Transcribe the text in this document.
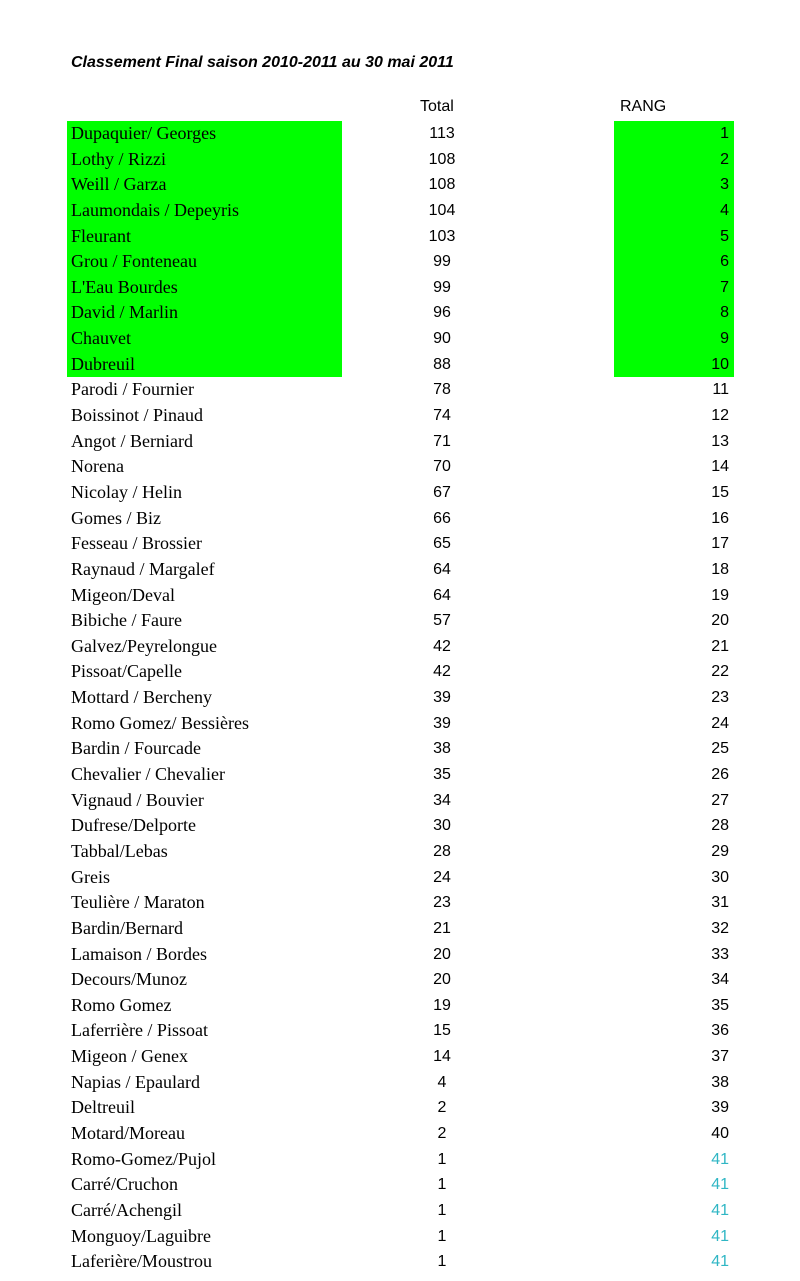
Classement Final saison 2010-2011 au 30 mai 2011
Total	RANG
Dupaquier/ Georges	113	1
Lothy / Rizzi	108	2
Weill / Garza	108	3
Laumondais / Depeyris	104	4
Fleurant	103	5
Grou / Fonteneau	99	6
L'Eau Bourdes	99	7
David / Marlin	96	8
Chauvet	90	9
Dubreuil	88	10
Parodi / Fournier	78	11
Boissinot / Pinaud	74	12
Angot / Berniard	71	13
Norena	70	14
Nicolay / Helin	67	15
Gomes / Biz	66	16
Fesseau / Brossier	65	17
Raynaud / Margalef	64	18
Migeon/Deval	64	19
Bibiche / Faure	57	20
Galvez/Peyrelongue	42	21
Pissoat/Capelle	42	22
Mottard / Bercheny	39	23
Romo Gomez/ Bessières	39	24
Bardin / Fourcade	38	25
Chevalier / Chevalier	35	26
Vignaud / Bouvier	34	27
Dufrese/Delporte	30	28
Tabbal/Lebas	28	29
Greis	24	30
Teulière / Maraton	23	31
Bardin/Bernard	21	32
Lamaison / Bordes	20	33
Decours/Munoz	20	34
Romo Gomez	19	35
Laferrière / Pissoat	15	36
Migeon / Genex	14	37
Napias / Epaulard	4	38
Deltreuil	2	39
Motard/Moreau	2	40
Romo-Gomez/Pujol	1	41
Carré/Cruchon	1	41
Carré/Achengil	1	41
Monguoy/Laguibre	1	41
Laferière/Moustrou	1	41
